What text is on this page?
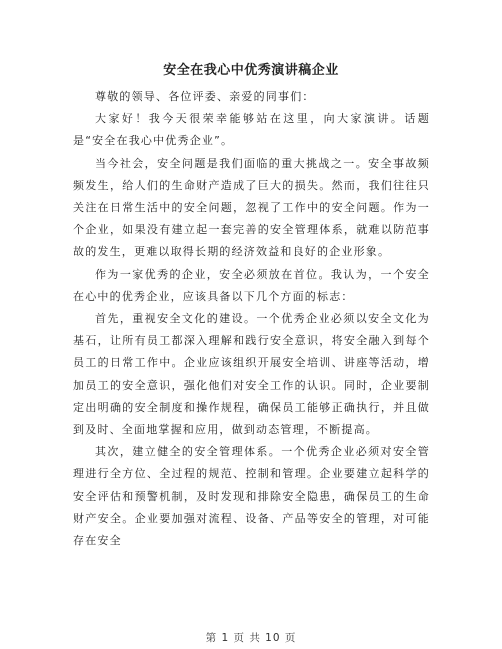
安全在我心中优秀演讲稿企业

尊敬的领导、各位评委、亲爱的同事们：

大家好！我今天很荣幸能够站在这里，向大家演讲。话题是“安全在我心中优秀企业”。

当今社会，安全问题是我们面临的重大挑战之一。安全事故频频发生，给人们的生命财产造成了巨大的损失。然而，我们往往只关注在日常生活中的安全问题，忽视了工作中的安全问题。作为一个企业，如果没有建立起一套完善的安全管理体系，就难以防范事故的发生，更难以取得长期的经济效益和良好的企业形象。

作为一家优秀的企业，安全必须放在首位。我认为，一个安全在心中的优秀企业，应该具备以下几个方面的标志：

首先，重视安全文化的建设。一个优秀企业必须以安全文化为基石，让所有员工都深入理解和践行安全意识，将安全融入到每个员工的日常工作中。企业应该组织开展安全培训、讲座等活动，增加员工的安全意识，强化他们对安全工作的认识。同时，企业要制定出明确的安全制度和操作规程，确保员工能够正确执行，并且做到及时、全面地掌握和应用，做到动态管理，不断提高。

其次，建立健全的安全管理体系。一个优秀企业必须对安全管理进行全方位、全过程的规范、控制和管理。企业要建立起科学的安全评估和预警机制，及时发现和排除安全隐患，确保员工的生命财产安全。企业要加强对流程、设备、产品等安全的管理，对可能存在安全

第 1 页 共 10 页
